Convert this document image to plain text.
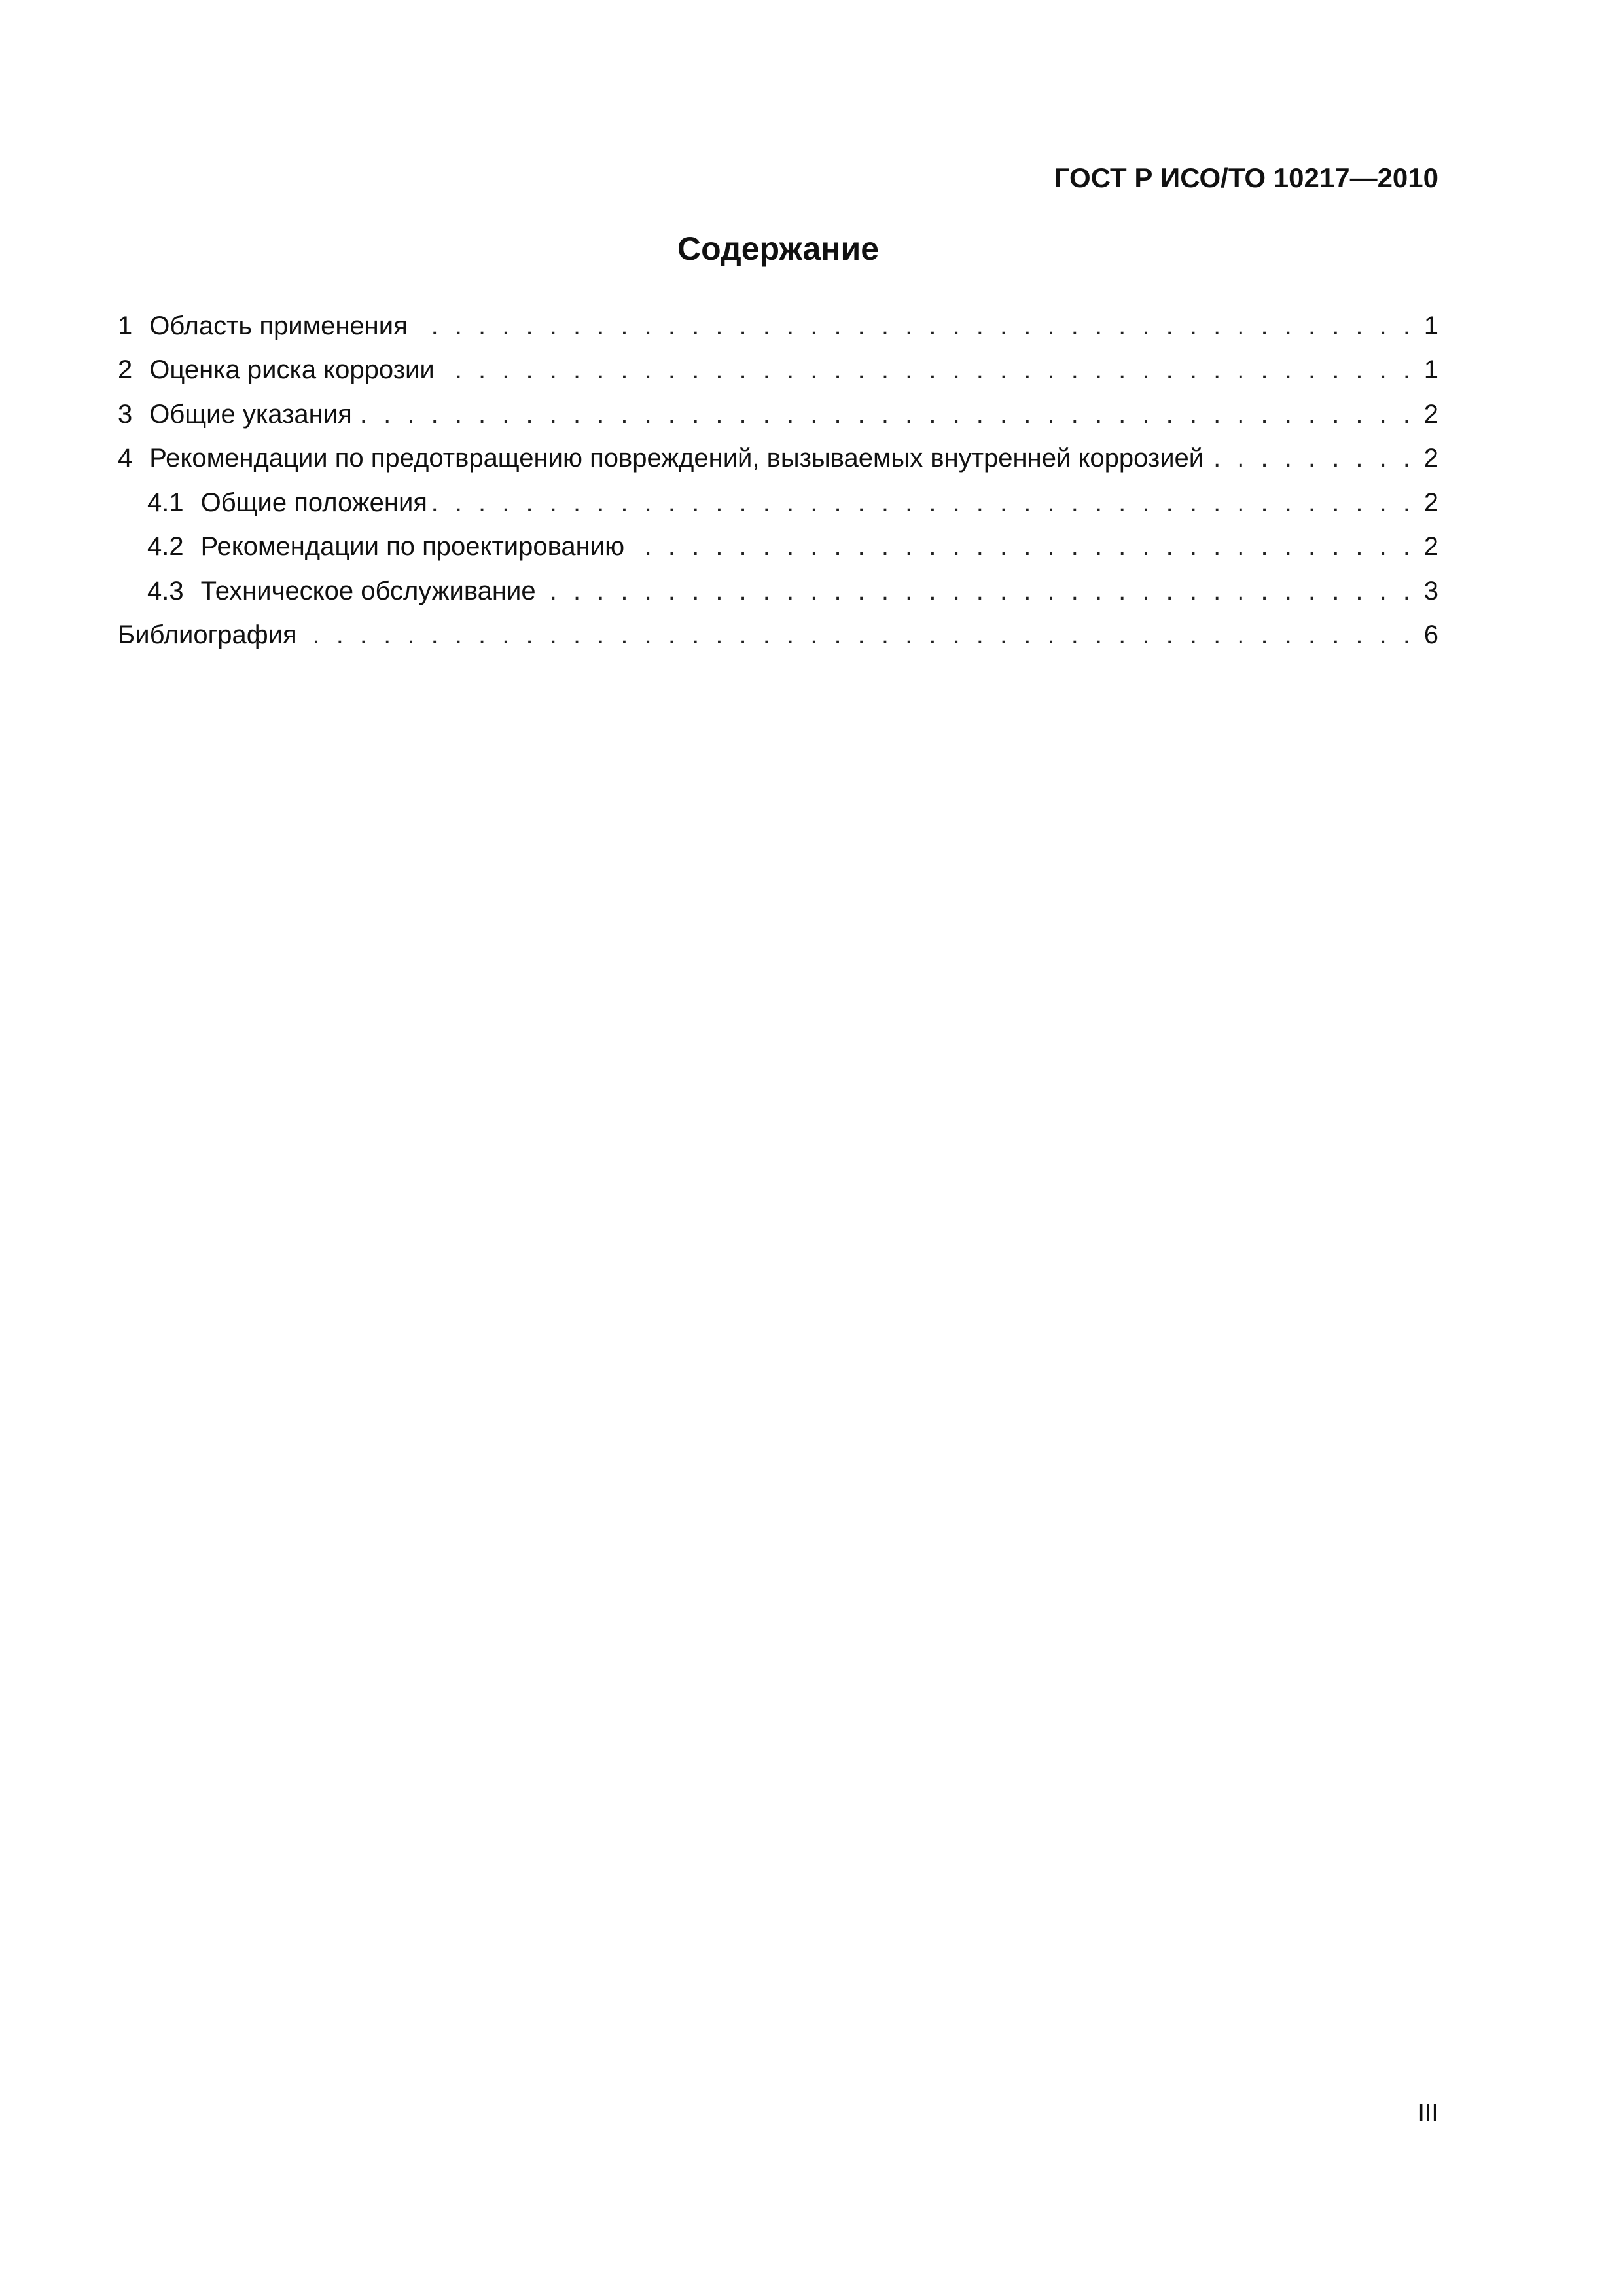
ГОСТ Р ИСО/ТО 10217—2010
Содержание
1 Область применения . . .	1
2 Оценка риска коррозии . . .	1
3 Общие указания . . .	2
4 Рекомендации по предотвращению повреждений, вызываемых внутренней коррозией . . .	2
4.1 Общие положения . . .	2
4.2 Рекомендации по проектированию . . .	2
4.3 Техническое обслуживание . . .	3
Библиография . . .	6
III
